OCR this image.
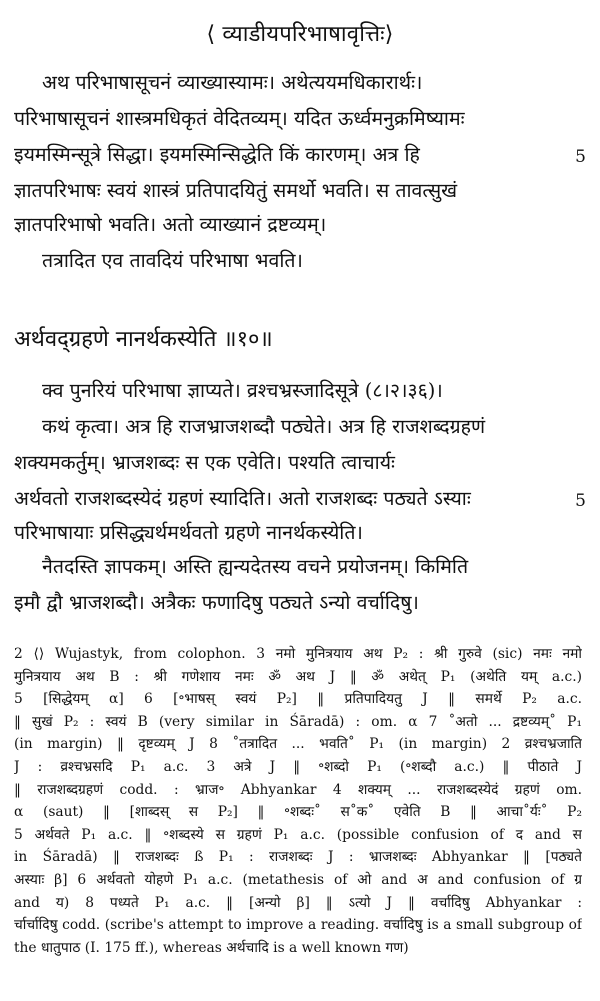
⟨ व्याडीयपरिभाषावृत्तिः⟩
अथ परिभाषासूचनं व्याख्यास्यामः। अथेत्ययमधिकारार्थः।
परिभाषासूचनं शास्त्रमधिकृतं वेदितव्यम्। यदित ऊर्ध्वमनुक्रमिष्यामः
इयमस्मिन्सूत्रे सिद्धा। इयमस्मिन्सिद्धेति किं कारणम्। अत्र हि	5
ज्ञातपरिभाषः स्वयं शास्त्रं प्रतिपादयितुं समर्थो भवति। स तावत्सुखं
ज्ञातपरिभाषो भवति। अतो व्याख्यानं द्रष्टव्यम्।
तत्रादित एव तावदियं परिभाषा भवति।
अर्थवद्ग्रहणे नानर्थकस्येति ॥१०॥
क्व पुनरियं परिभाषा ज्ञाप्यते। व्रश्चभ्रस्जादिसूत्रे (८।२।३६)।
कथं कृत्वा। अत्र हि राजभ्राजशब्दौ पठ्येते। अत्र हि राजशब्दग्रहणं
शक्यमकर्तुम्। भ्राजशब्दः स एक एवेति। पश्यति त्वाचार्यः
अर्थवतो राजशब्दस्येदं ग्रहणं स्यादिति। अतो राजशब्दः पठ्यते ऽस्याः	5
परिभाषायाः प्रसिद्ध्यर्थमर्थवतो ग्रहणे नानर्थकस्येति।
नैतदस्ति ज्ञापकम्। अस्ति ह्यन्यदेतस्य वचने प्रयोजनम्। किमिति
इमौ द्वौ भ्राजशब्दौ। अत्रैकः फणादिषु पठ्यते ऽन्यो वर्चादिषु।
2 ⟨⟩ Wujastyk, from colophon. 3 नमो मुनित्रयाय अथ P₂ : श्री गुरुवे (sic) नमः नमो
मुनित्रयाय अथ B : श्री गणेशाय नमः ॐ अथ J ‖ ॐ अथेत् P₁ (अथेति यम् a.c.)
5 [सिद्धेयम् α] 6 [॰भाषस् स्वयं P₂] ‖ प्रतिपादियतु J ‖ समर्थे P₂ a.c.
‖ सुखं P₂ : स्वयं B (very similar in Śāradā) : om. α 7 ˚अतो ... द्रष्टव्यम्˚ P₁
(in margin) ‖ दृष्टव्यम् J 8 ˚तत्रादित ... भवति˚ P₁ (in margin) 2 व्रश्चभ्रजाति
J : व्रश्चभ्रसदि P₁ a.c. 3 अत्रे J ‖ ॰शब्दो P₁ (॰शब्दौ a.c.) ‖ पीठाते J
‖ राजशब्दग्रहणं codd. : भ्राज॰ Abhyankar 4 शक्यम् ... राजशब्दस्येदं ग्रहणं om.
α (saut) ‖ [शाब्दस् स P₂] ‖ ॰शब्दः˚ स˚क˚ एवेति B ‖ आचा˚र्यः˚ P₂
5 अर्थवते P₁ a.c. ‖ ॰शब्दस्ये स ग्रहणं P₁ a.c. (possible confusion of द and स
in Śāradā) ‖ राजशब्दः ß P₁ : राजशब्दः J : भ्राजशब्दः Abhyankar ‖ [पठ्यते
अस्याः β] 6 अर्थवतो योहणे P₁ a.c. (metathesis of ओ and अ and confusion of ग्र
and य) 8 पध्यते P₁ a.c. ‖ [अन्यो β] ‖ ऽत्यो J ‖ वर्चादिषु Abhyankar :
र्चार्चादिषु codd. (scribe's attempt to improve a reading. वर्चादिषु is a small subgroup of
the धातुपाठ (I. 175 ff.), whereas अर्थचादि is a well known गण)
